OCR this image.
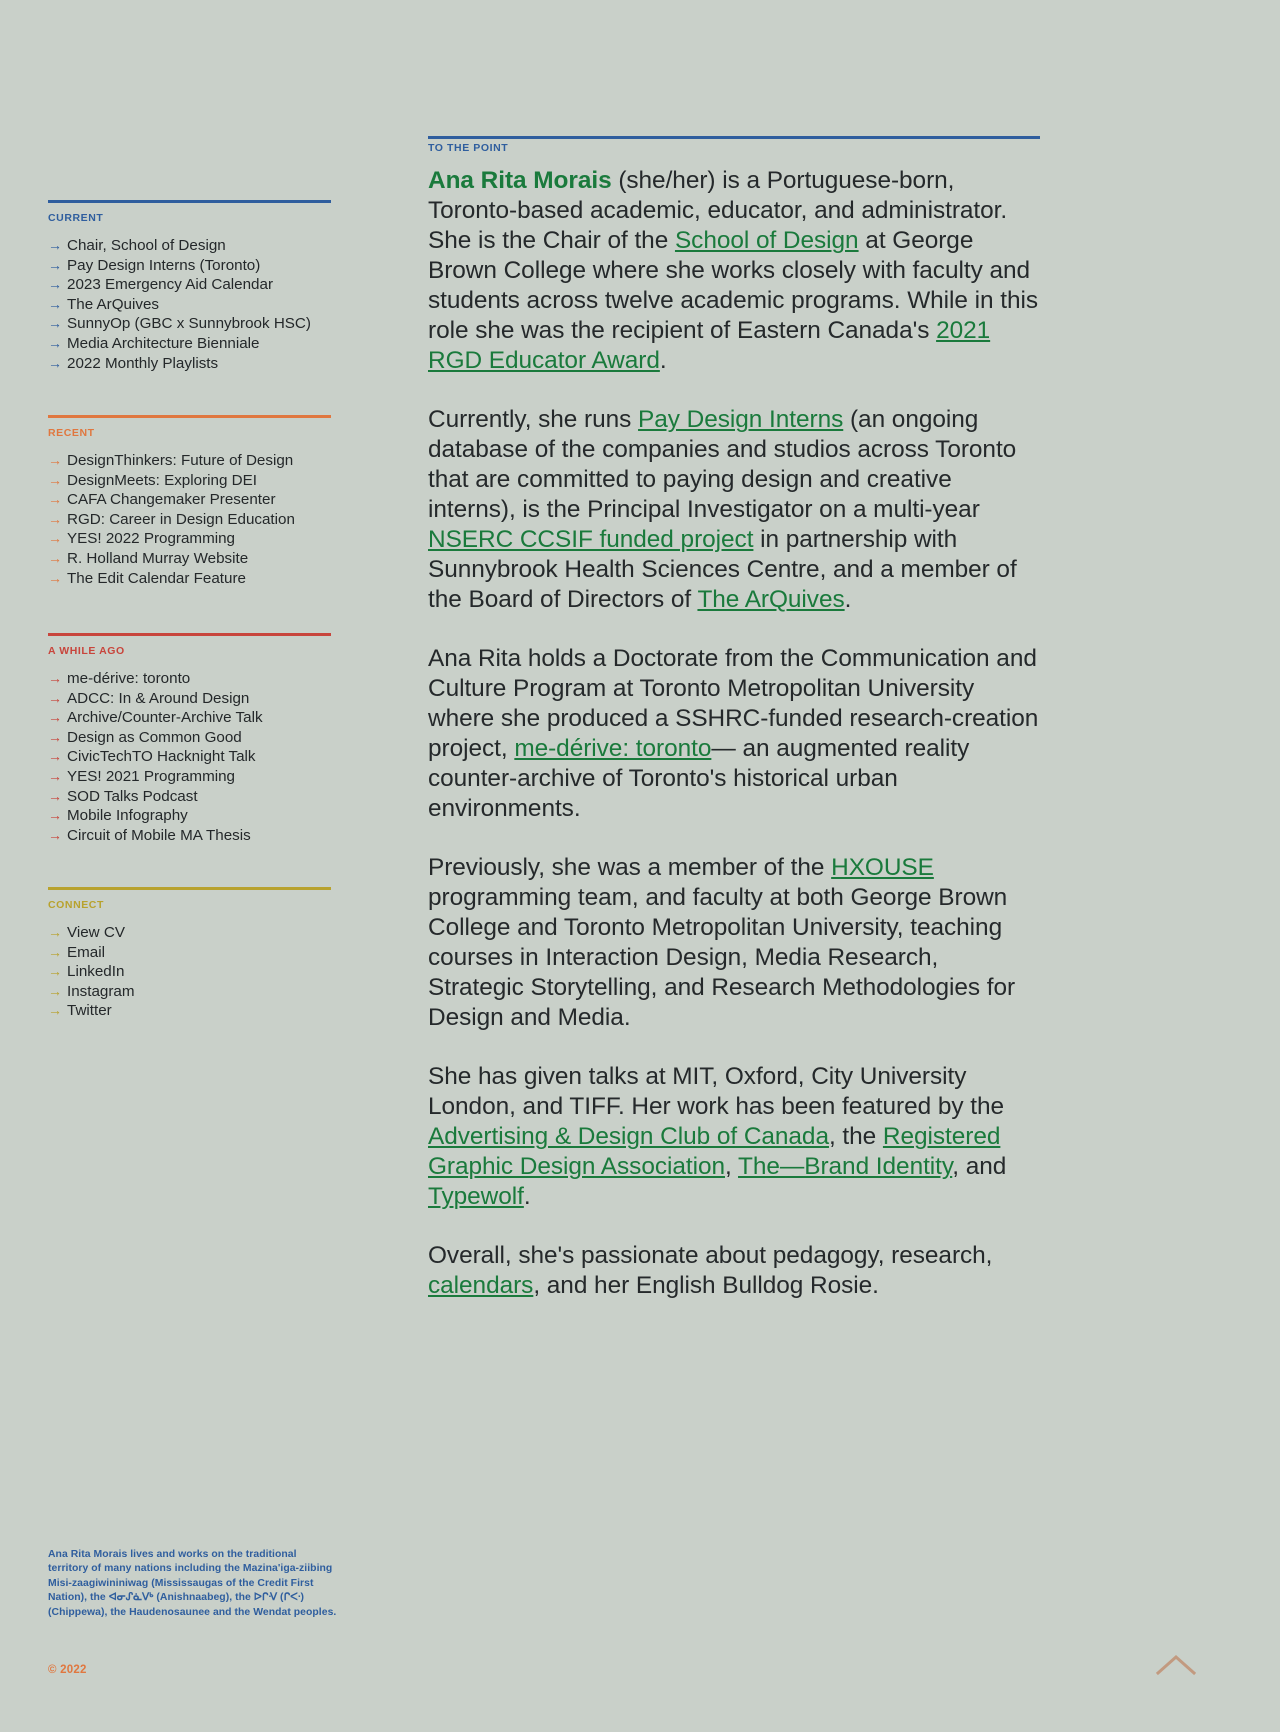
CURRENT
→ Chair, School of Design
→ Pay Design Interns (Toronto)
→ 2023 Emergency Aid Calendar
→ The ArQuives
→ SunnyOp (GBC x Sunnybrook HSC)
→ Media Architecture Bienniale
→ 2022 Monthly Playlists
RECENT
→ DesignThinkers: Future of Design
→ DesignMeets: Exploring DEI
→ CAFA Changemaker Presenter
→ RGD: Career in Design Education
→ YES! 2022 Programming
→ R. Holland Murray Website
→ The Edit Calendar Feature
A WHILE AGO
→ me-dérive: toronto
→ ADCC: In & Around Design
→ Archive/Counter-Archive Talk
→ Design as Common Good
→ CivicTechTO Hacknight Talk
→ YES! 2021 Programming
→ SOD Talks Podcast
→ Mobile Infography
→ Circuit of Mobile MA Thesis
CONNECT
→ View CV
→ Email
→ LinkedIn
→ Instagram
→ Twitter
Ana Rita Morais lives and works on the traditional territory of many nations including the Mazina'iga-ziibing Misi-zaagiwininiwag (Mississaugas of the Credit First Nation), the ᐊᓂᔑᓈᐯᒃ (Anishnaabeg), the ᐅᒋᐺ (ᒋᐸᐧ) (Chippewa), the Haudenosaunee and the Wendat peoples.
© 2022
TO THE POINT

Ana Rita Morais (she/her) is a Portuguese-born, Toronto-based academic, educator, and administrator. She is the Chair of the School of Design at George Brown College where she works closely with faculty and students across twelve academic programs. While in this role she was the recipient of Eastern Canada's 2021 RGD Educator Award.

Currently, she runs Pay Design Interns (an ongoing database of the companies and studios across Toronto that are committed to paying design and creative interns), is the Principal Investigator on a multi-year NSERC CCSIF funded project in partnership with Sunnybrook Health Sciences Centre, and a member of the Board of Directors of The ArQuives.

Ana Rita holds a Doctorate from the Communication and Culture Program at Toronto Metropolitan University where she produced a SSHRC-funded research-creation project, me-dérive: toronto— an augmented reality counter-archive of Toronto's historical urban environments.

Previously, she was a member of the HXOUSE programming team, and faculty at both George Brown College and Toronto Metropolitan University, teaching courses in Interaction Design, Media Research, Strategic Storytelling, and Research Methodologies for Design and Media.

She has given talks at MIT, Oxford, City University London, and TIFF. Her work has been featured by the Advertising & Design Club of Canada, the Registered Graphic Design Association, The—Brand Identity, and Typewolf.

Overall, she's passionate about pedagogy, research, calendars, and her English Bulldog Rosie.
